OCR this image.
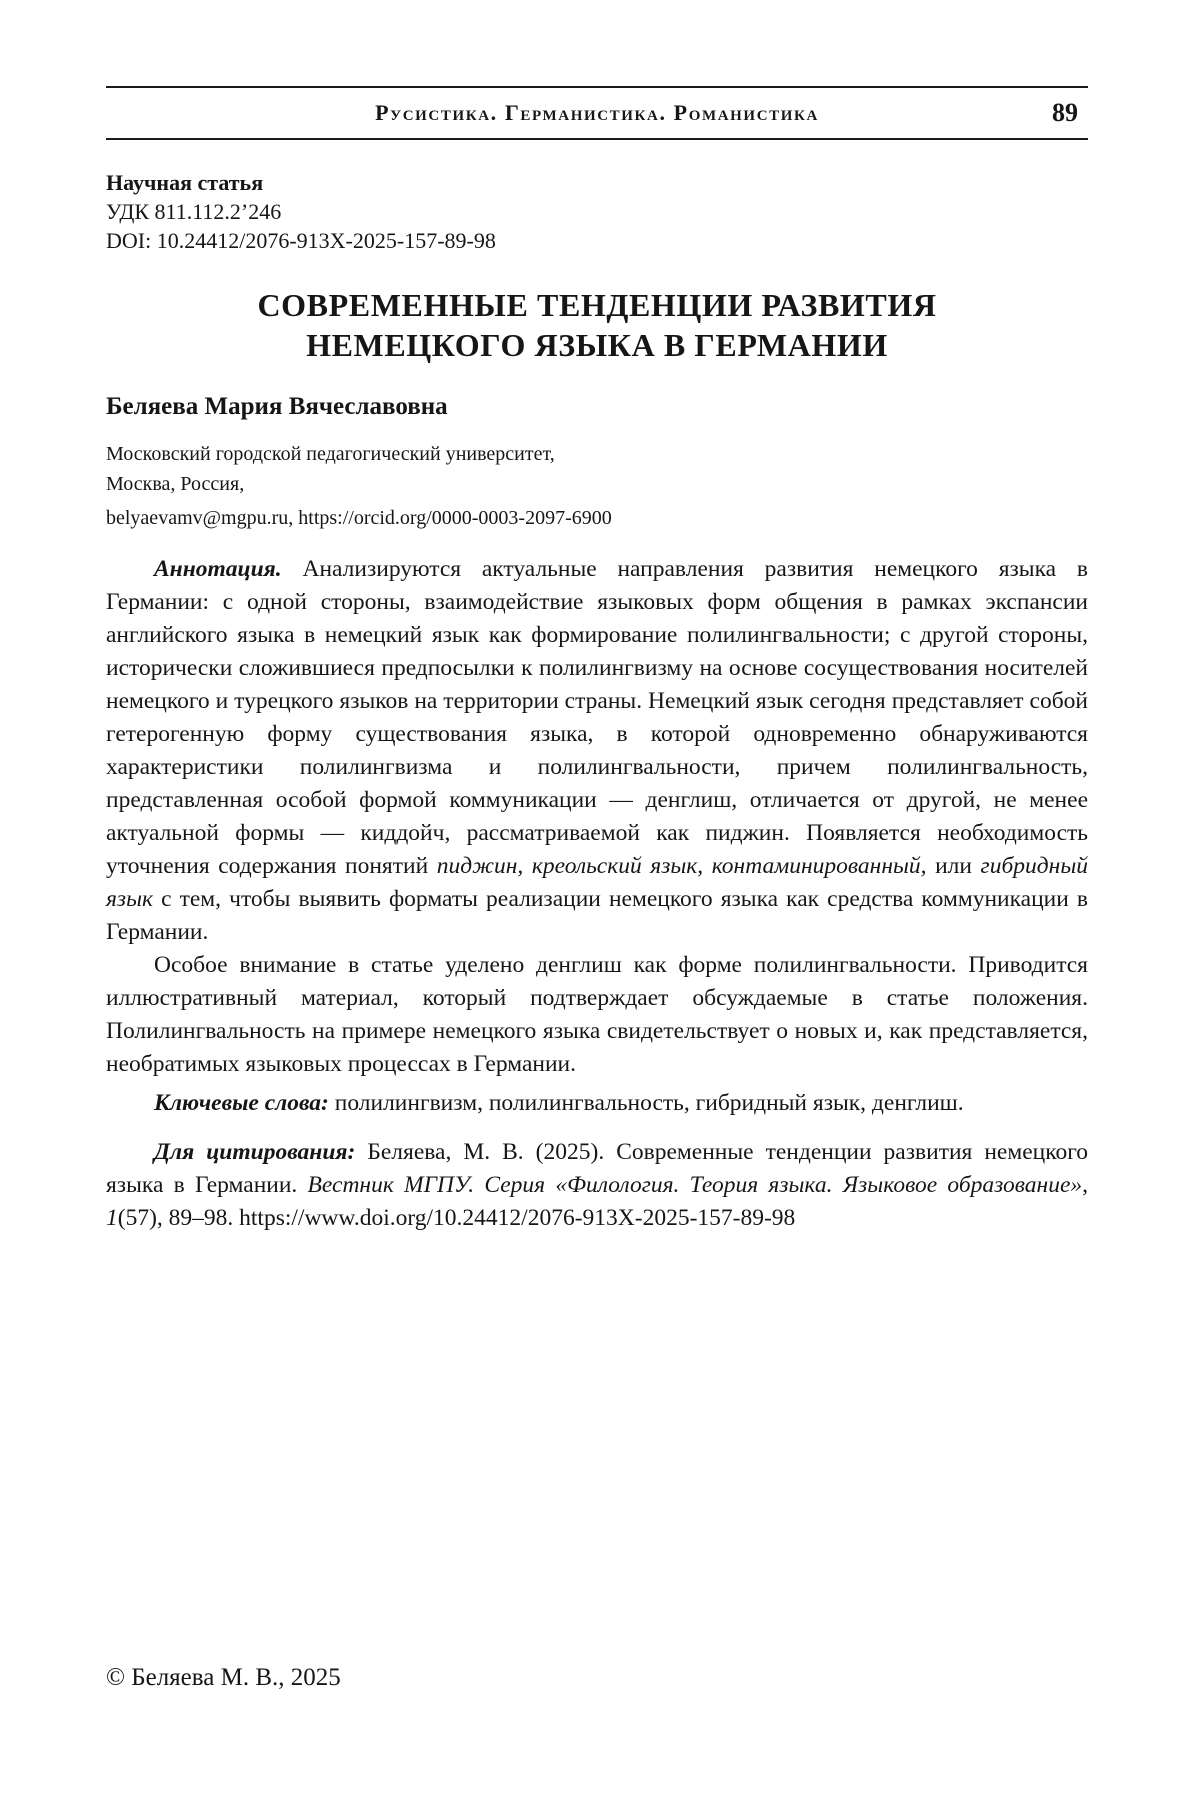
Русистика. Германистика. Романистика	89
Научная статья
УДК 811.112.2’246
DOI: 10.24412/2076-913X-2025-157-89-98
СОВРЕМЕННЫЕ ТЕНДЕНЦИИ РАЗВИТИЯ
НЕМЕЦКОГО ЯЗЫКА В ГЕРМАНИИ
Беляева Мария Вячеславовна
Московский городской педагогический университет,
Москва, Россия,
belyaevamv@mgpu.ru, https://orcid.org/0000-0003-2097-6900

Аннотация. Анализируются актуальные направления развития немецкого языка в Германии: с одной стороны, взаимодействие языковых форм общения в рамках экспансии английского языка в немецкий язык как формирование полилингвальности; с другой стороны, исторически сложившиеся предпосылки к полилингвизму на основе сосуществования носителей немецкого и турецкого языков на территории страны. Немецкий язык сегодня представляет собой гетерогенную форму существования языка, в которой одновременно обнаруживаются характеристики полилингвизма и полилингвальности, причем полилингвальность, представленная особой формой коммуникации — денглиш, отличается от другой, не менее актуальной формы — киддойч, рассматриваемой как пиджин. Появляется необходимость уточнения содержания понятий пиджин, креольский язык, контаминированный, или гибридный язык с тем, чтобы выявить форматы реализации немецкого языка как средства коммуникации в Германии.

Особое внимание в статье уделено денглиш как форме полилингвальности. Приводится иллюстративный материал, который подтверждает обсуждаемые в статье положения. Полилингвальность на примере немецкого языка свидетельствует о новых и, как представляется, необратимых языковых процессах в Германии.

Ключевые слова: полилингвизм, полилингвальность, гибридный язык, денглиш.

Для цитирования: Беляева, М. В. (2025). Современные тенденции развития немецкого языка в Германии. Вестник МГПУ. Серия «Филология. Теория языка. Языковое образование», 1(57), 89–98. https://www.doi.org/10.24412/2076-913X-2025-157-89-98

© Беляева М. В., 2025
